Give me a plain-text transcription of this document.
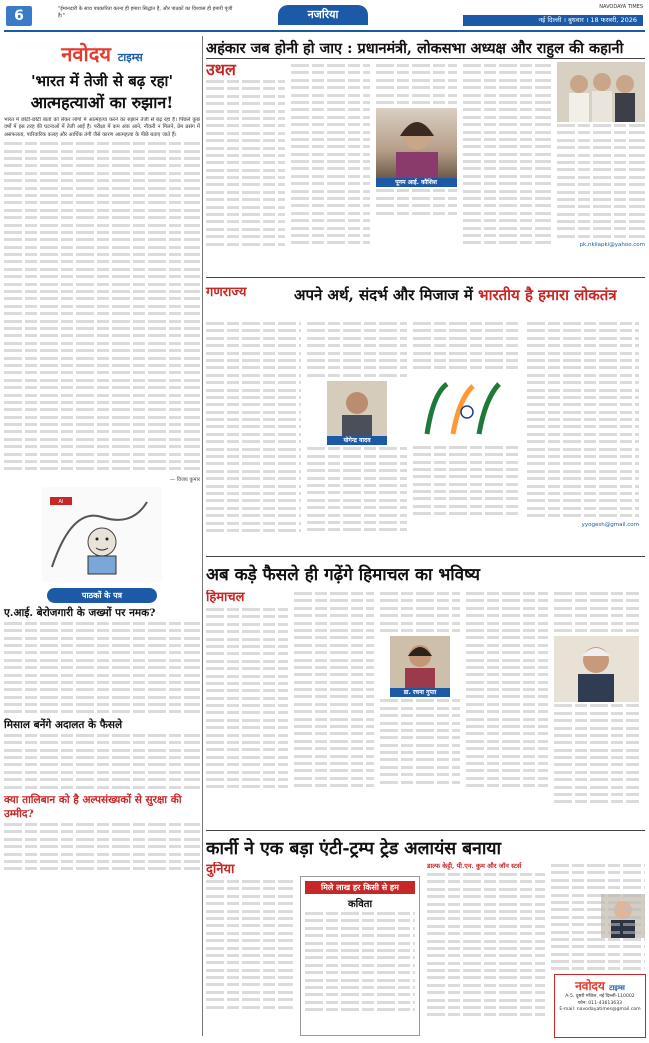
6	"ईमानदारी के साथ पत्रकारिता करना ही हमारा सिद्धांत है, और पाठकों का विश्वास ही हमारी पूंजी है।"	नजरिया
NAVODAYA TIMES
नई दिल्ली । बुधवार । 18 फरवरी, 2026
नवोदय टाइम्स
'भारत में तेजी से बढ़ रहा'
आत्महत्याओं का रुझान!
भारत में छोटी-छोटी बातों को लेकर लोगों में आत्महत्या करने का रुझान तेजी से बढ़ रहा है। पिछले कुछ वर्षों में इस तरह की घटनाओं में तेजी आई है। परीक्षा में कम अंक आने, नौकरी न मिलने, प्रेम प्रसंग में असफलता, पारिवारिक कलह और आर्थिक तंगी जैसे कारण आत्महत्या के पीछे बताए जाते हैं।
— विजय कुमार
AI
पाठकों के पत्र
ए.आई. बेरोजगारी के जख्मों पर नमक?
मिसाल बनेंगे अदालत के फैसले
क्या तालिबान को है अल्पसंख्यकों से सुरक्षा की उम्मीद?
अहंकार जब होनी हो जाए : प्रधानमंत्री, लोकसभा अध्यक्ष और राहुल की कहानी
उथल
पूनम आई. कौशिश
pk.nkilapki@yahoo.com
गणराज्य	अपने अर्थ, संदर्भ और मिजाज में भारतीय है हमारा लोकतंत्र
योगेन्द्र यादव
yyogesh@gmail.com
अब कड़े फैसले ही गढ़ेंगे हिमाचल का भविष्य
हिमाचल
डा. रचना गुप्ता
कार्नी ने एक बड़ा एंटी-ट्रम्प ट्रेड अलायंस बनाया
दुनिया	डाल्फ केट्टी, पी.एन. कुम और जॉन स्टर्स
मिले लाख हर किसी से हम
कविता
नवोदय टाइम्स

A-5, दूसरी मंजिल, नई दिल्ली-110002

फोन: 011-43613633

E-mail: navodayatimes@gmail.com
